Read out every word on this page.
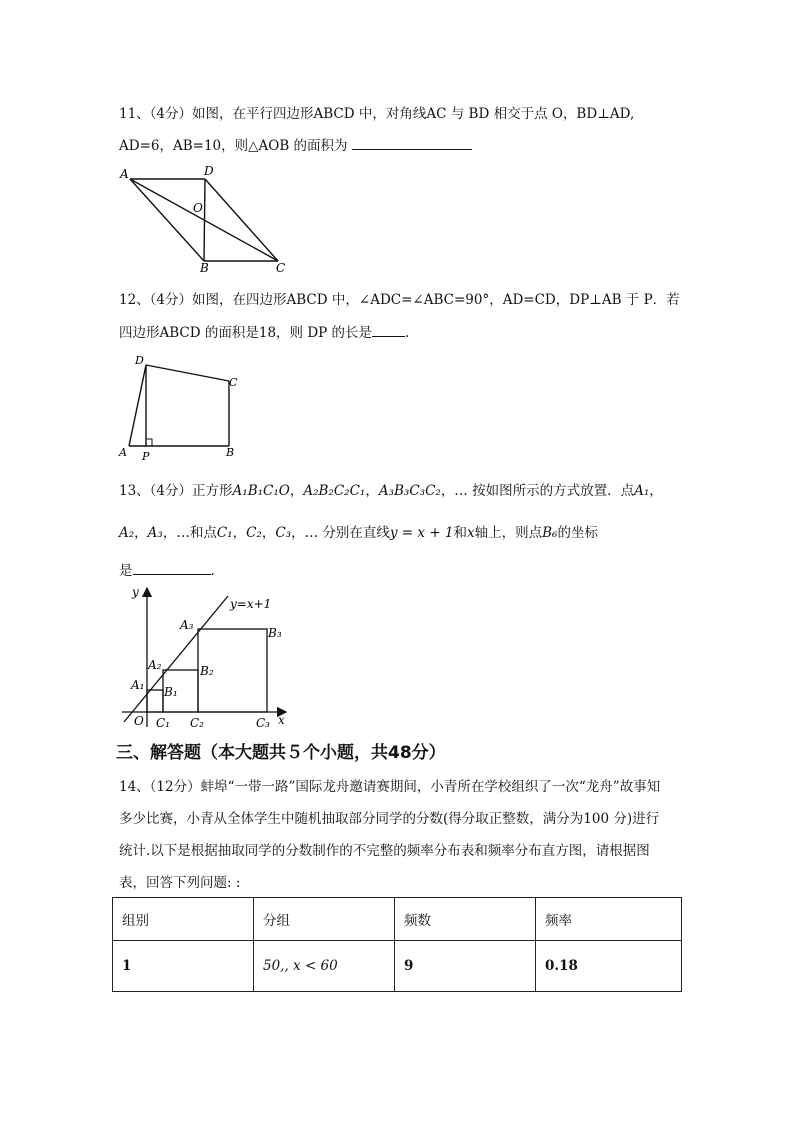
11、（4分）如图，在平行四边形ABCD 中，对角线AC 与 BD 相交于点 O，BD⊥AD,
AD=6，AB=10，则△AOB 的面积为
A	D
O
B	C
12、（4分）如图，在四边形ABCD 中，∠ADC=∠ABC=90°，AD=CD，DP⊥AB 于 P．若
四边形ABCD 的面积是18，则 DP 的长是 .
D
C
A P	B
13、（4分）正方形A₁B₁C₁O，A₂B₂C₂C₁，A₃B₃C₃C₂，… 按如图所示的方式放置．点A₁，
A₂，A₃，…和点C₁，C₂，C₃，… 分别在直线y = x + 1和x轴上，则点B₆的坐标
是	.
y=x+1
y
x
O
A₁
A₂
A₃
B₁
B₂
B₃
C₁ C₂	C₃
三、解答题（本大题共５个小题，共48分）
14、（12分）蚌埠“一带一路”国际龙舟邀请赛期间，小青所在学校组织了一次“龙舟”故事知
多少比赛，小青从全体学生中随机抽取部分同学的分数(得分取正整数，满分为100 分)进行
统计.以下是根据抽取同学的分数制作的不完整的频率分布表和频率分布直方图，请根据图
表，回答下列问题: :
组别	分组	频数	频率
1	50,, x < 60	9	0.18
